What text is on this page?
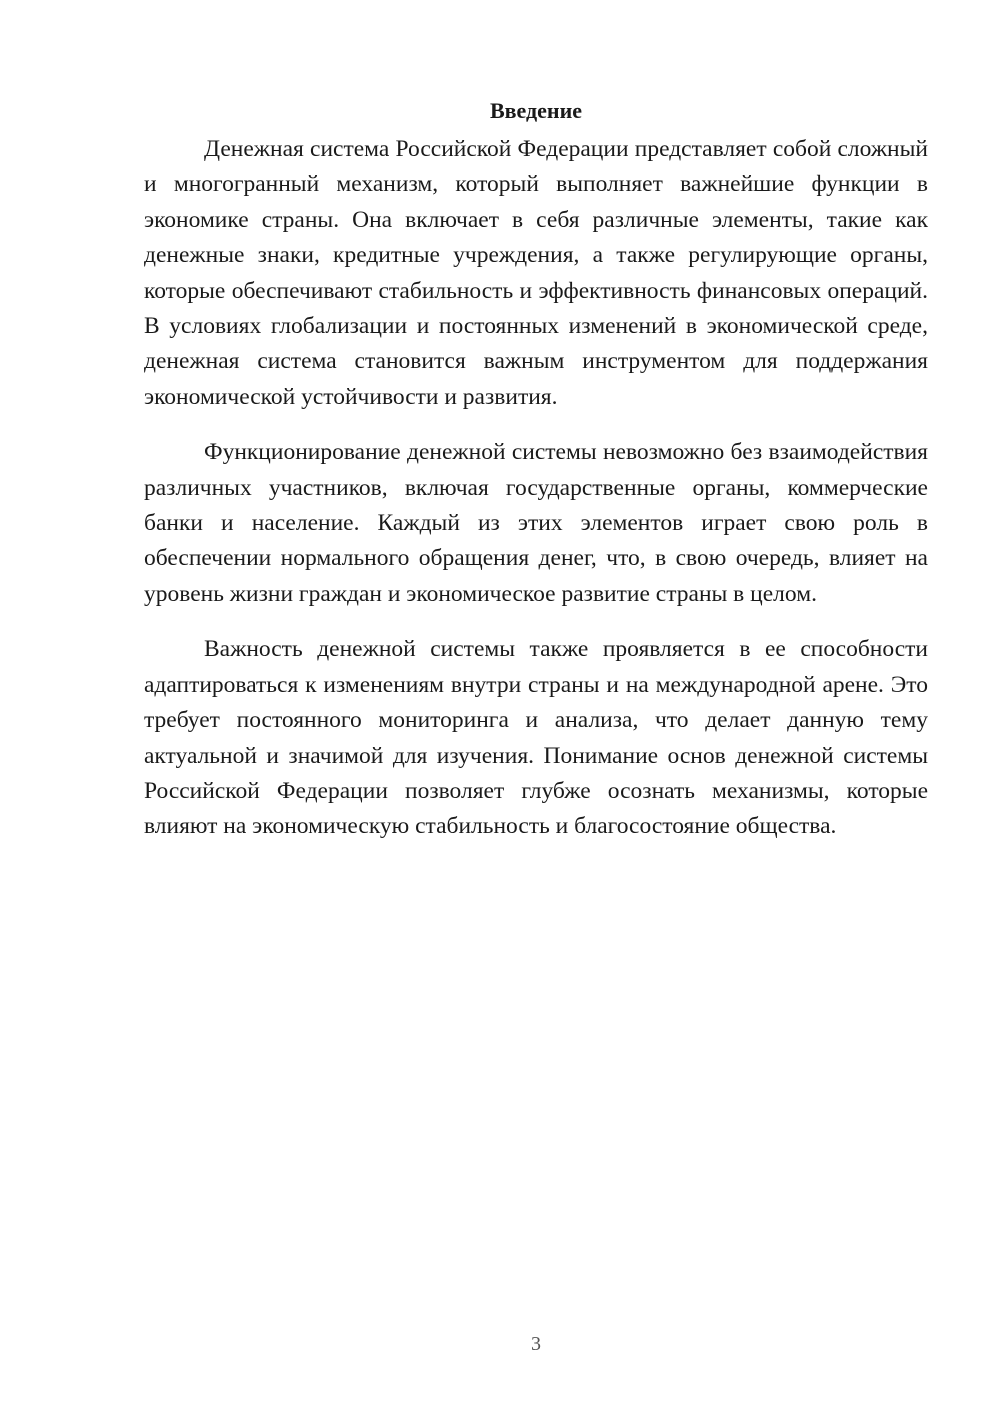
Введение

Денежная система Российской Федерации представляет собой сложный и многогранный механизм, который выполняет важнейшие функции в экономике страны. Она включает в себя различные элементы, такие как денежные знаки, кредитные учреждения, а также регулирующие органы, которые обеспечивают стабильность и эффективность финансовых операций. В условиях глобализации и постоянных изменений в экономической среде, денежная система становится важным инструментом для поддержания экономической устойчивости и развития.

Функционирование денежной системы невозможно без взаимодействия различных участников, включая государственные органы, коммерческие банки и население. Каждый из этих элементов играет свою роль в обеспечении нормального обращения денег, что, в свою очередь, влияет на уровень жизни граждан и экономическое развитие страны в целом.

Важность денежной системы также проявляется в ее способности адаптироваться к изменениям внутри страны и на международной арене. Это требует постоянного мониторинга и анализа, что делает данную тему актуальной и значимой для изучения. Понимание основ денежной системы Российской Федерации позволяет глубже осознать механизмы, которые влияют на экономическую стабильность и благосостояние общества.

3
